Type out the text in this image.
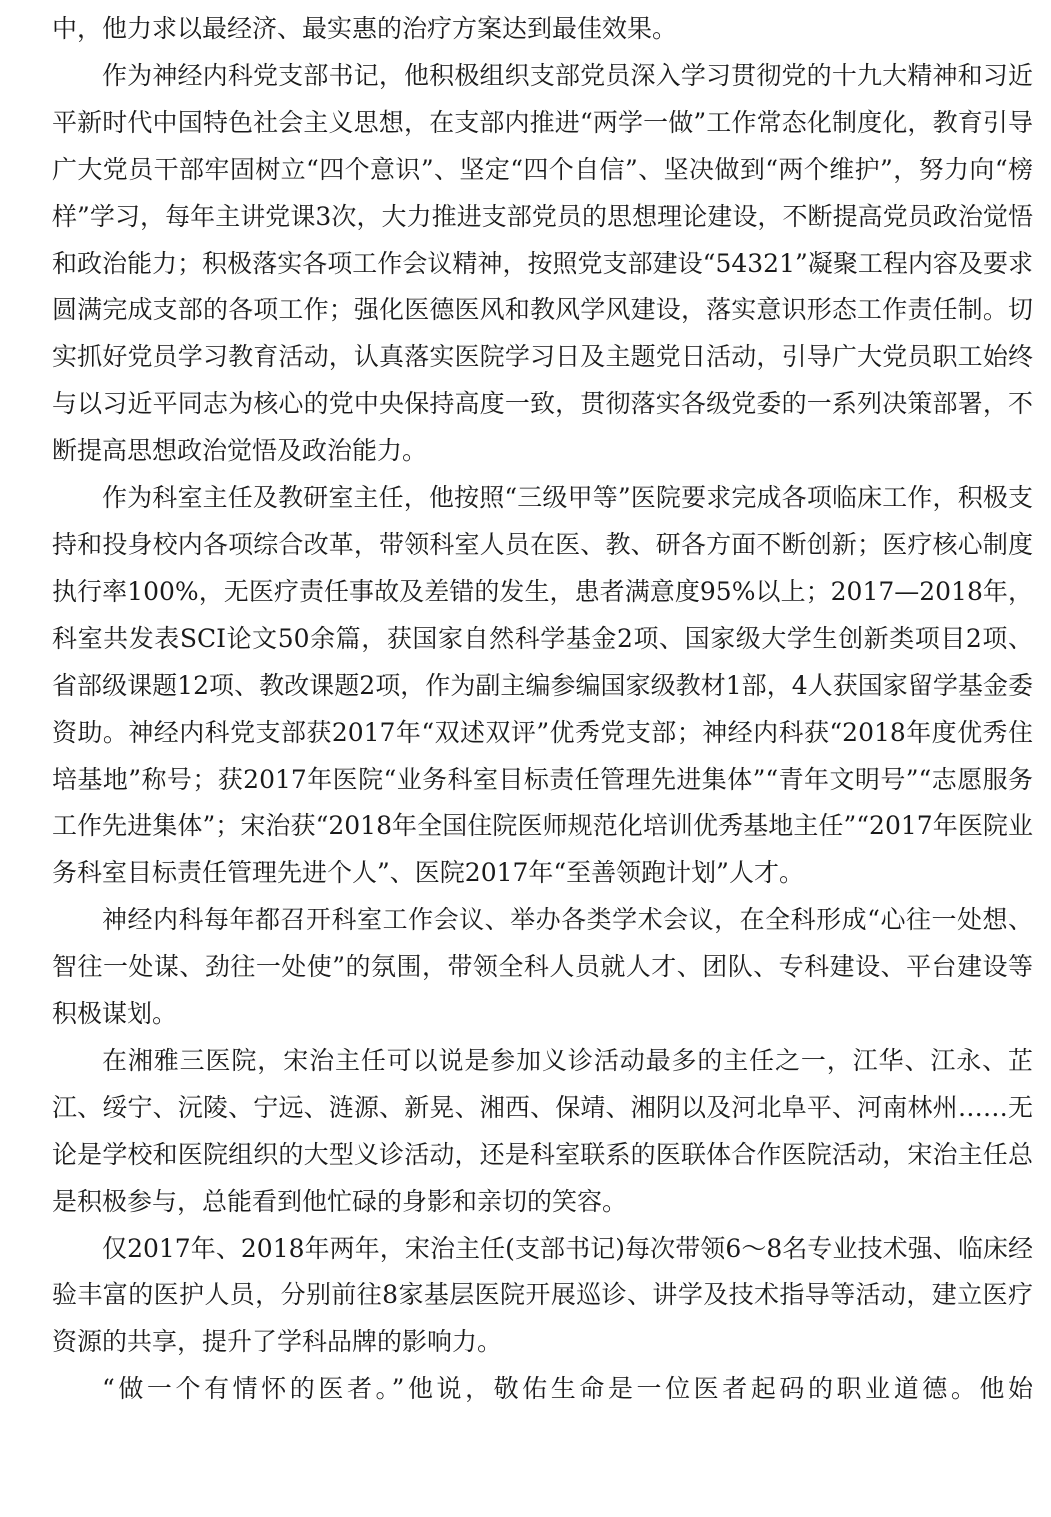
中，他力求以最经济、最实惠的治疗方案达到最佳效果。

作为神经内科党支部书记，他积极组织支部党员深入学习贯彻党的十九大精神和习近平新时代中国特色社会主义思想，在支部内推进“两学一做”工作常态化制度化，教育引导广大党员干部牢固树立“四个意识”、坚定“四个自信”、坚决做到“两个维护”，努力向“榜样”学习，每年主讲党课3次，大力推进支部党员的思想理论建设，不断提高党员政治觉悟和政治能力；积极落实各项工作会议精神，按照党支部建设“54321”凝聚工程内容及要求圆满完成支部的各项工作；强化医德医风和教风学风建设，落实意识形态工作责任制。切实抓好党员学习教育活动，认真落实医院学习日及主题党日活动，引导广大党员职工始终与以习近平同志为核心的党中央保持高度一致，贯彻落实各级党委的一系列决策部署，不断提高思想政治觉悟及政治能力。

作为科室主任及教研室主任，他按照“三级甲等”医院要求完成各项临床工作，积极支持和投身校内各项综合改革，带领科室人员在医、教、研各方面不断创新；医疗核心制度执行率100%，无医疗责任事故及差错的发生，患者满意度95%以上；2017—2018年，科室共发表SCI论文50余篇，获国家自然科学基金2项、国家级大学生创新类项目2项、省部级课题12项、教改课题2项，作为副主编参编国家级教材1部，4人获国家留学基金委资助。神经内科党支部获2017年“双述双评”优秀党支部；神经内科获“2018年度优秀住培基地”称号；获2017年医院“业务科室目标责任管理先进集体”“青年文明号”“志愿服务工作先进集体”；宋治获“2018年全国住院医师规范化培训优秀基地主任”“2017年医院业务科室目标责任管理先进个人”、医院2017年“至善领跑计划”人才。

神经内科每年都召开科室工作会议、举办各类学术会议，在全科形成“心往一处想、智往一处谋、劲往一处使”的氛围，带领全科人员就人才、团队、专科建设、平台建设等积极谋划。

在湘雅三医院，宋治主任可以说是参加义诊活动最多的主任之一，江华、江永、芷江、绥宁、沅陵、宁远、涟源、新晃、湘西、保靖、湘阴以及河北阜平、河南林州……无论是学校和医院组织的大型义诊活动，还是科室联系的医联体合作医院活动，宋治主任总是积极参与，总能看到他忙碌的身影和亲切的笑容。

仅2017年、2018年两年，宋治主任(支部书记)每次带领6～8名专业技术强、临床经验丰富的医护人员，分别前往8家基层医院开展巡诊、讲学及技术指导等活动，建立医疗资源的共享，提升了学科品牌的影响力。

“做一个有情怀的医者。”他说，敬佑生命是一位医者起码的职业道德。他始
